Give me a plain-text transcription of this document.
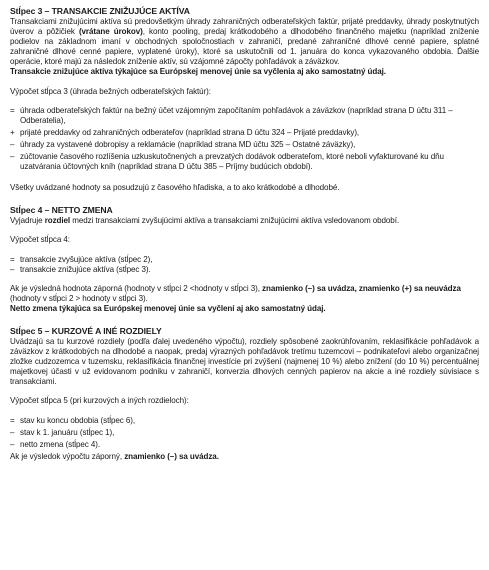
Stĺpec 3 – TRANSAKCIE ZNIŽUJÚCE AKTÍVA

Transakciami znižujúcimi aktíva sú predovšetkým úhrady zahraničných odberateľských faktúr, prijaté preddavky, úhrady poskytnutých úverov a pôžičiek (vrátane úrokov), konto pooling, predaj krátkodobého a dlhodobého finančného majetku (napríklad zníženie podielov na základnom imaní v obchodných spoločnostiach v zahraničí, predané zahraničné dlhové cenné papiere, splatné zahraničné dlhové cenné papiere, vyplatené úroky), ktoré sa uskutočnili od 1. januára do konca vykazovaného obdobia. Ďalšie operácie, ktoré majú za následok zníženie aktív, sú vzájomné zápočty pohľadávok a záväzkov.

Transakcie znižujúce aktíva týkajúce sa Európskej menovej únie sa vyčlenia aj ako samostatný údaj.

Výpočet stĺpca 3 (úhrada bežných odberateľských faktúr):

= úhrada odberateľských faktúr na bežný účet vzájomným započítaním pohľadávok a záväzkov (napríklad strana D účtu 311 – Odberatelia),
+ prijaté preddavky od zahraničných odberateľov (napríklad strana D účtu 324 – Prijaté preddavky),
– úhrady za vystavené dobropisy a reklamácie (napríklad strana MD účtu 325 – Ostatné záväzky),
– zúčtovanie časového rozlíšenia uzkuskutočnených a prevzatých dodávok odberateľom, ktoré neboli vyfakturované ku dňu uzatvárania účtovných kníh (napríklad strana D účtu 385 – Príjmy budúcich období).

Všetky uvádzané hodnoty sa posudzujú z časového hľadiska, a to ako krátkodobé a dlhodobé.

Stĺpec 4 – NETTO ZMENA

Vyjadruje rozdiel medzi transakciami zvyšujúcimi aktíva a transakciami znižujúcimi aktíva vsledovanom období.

Výpočet stĺpca 4:

= transakcie zvyšujúce aktíva (stĺpec 2),
– transakcie znižujúce aktíva (stĺpec 3).

Ak je výsledná hodnota záporná (hodnoty v stĺpci 2 <hodnoty v stĺpci 3), znamienko (–) sa uvádza, znamienko (+) sa neuvádza (hodnoty v stĺpci 2 > hodnoty v stĺpci 3).

Netto zmena týkajúca sa Európskej menovej únie sa vyčlení aj ako samostatný údaj.

Stĺpec 5 – KURZOVÉ A INÉ ROZDIELY

Uvádzajú sa tu kurzové rozdiely (podľa ďalej uvedeného výpočtu), rozdiely spôsobené zaokrúhľovaním, reklasifikácie pohľadávok a záväzkov z krátkodobých na dlhodobé a naopak, predaj výrazných pohľadávok tretímu tuzemcovi – podnikateľovi alebo organizačnej zložke cudzozemca v tuzemsku, reklasifikácia finančnej investície pri zvýšení (najmenej 10 %) alebo znížení (do 10 %) percentuálnej majetkovej účasti v už evidovanom podniku v zahraničí, konverzia dlhových cenných papierov na akcie a iné rozdiely súvisiace s transakciami.

Výpočet stĺpca 5 (pri kurzových a iných rozdieloch):

= stav ku koncu obdobia (stĺpec 6),
– stav k 1. januáru (stĺpec 1),
– netto zmena (stĺpec 4).

Ak je výsledok výpočtu záporný, znamienko (–) sa uvádza.
